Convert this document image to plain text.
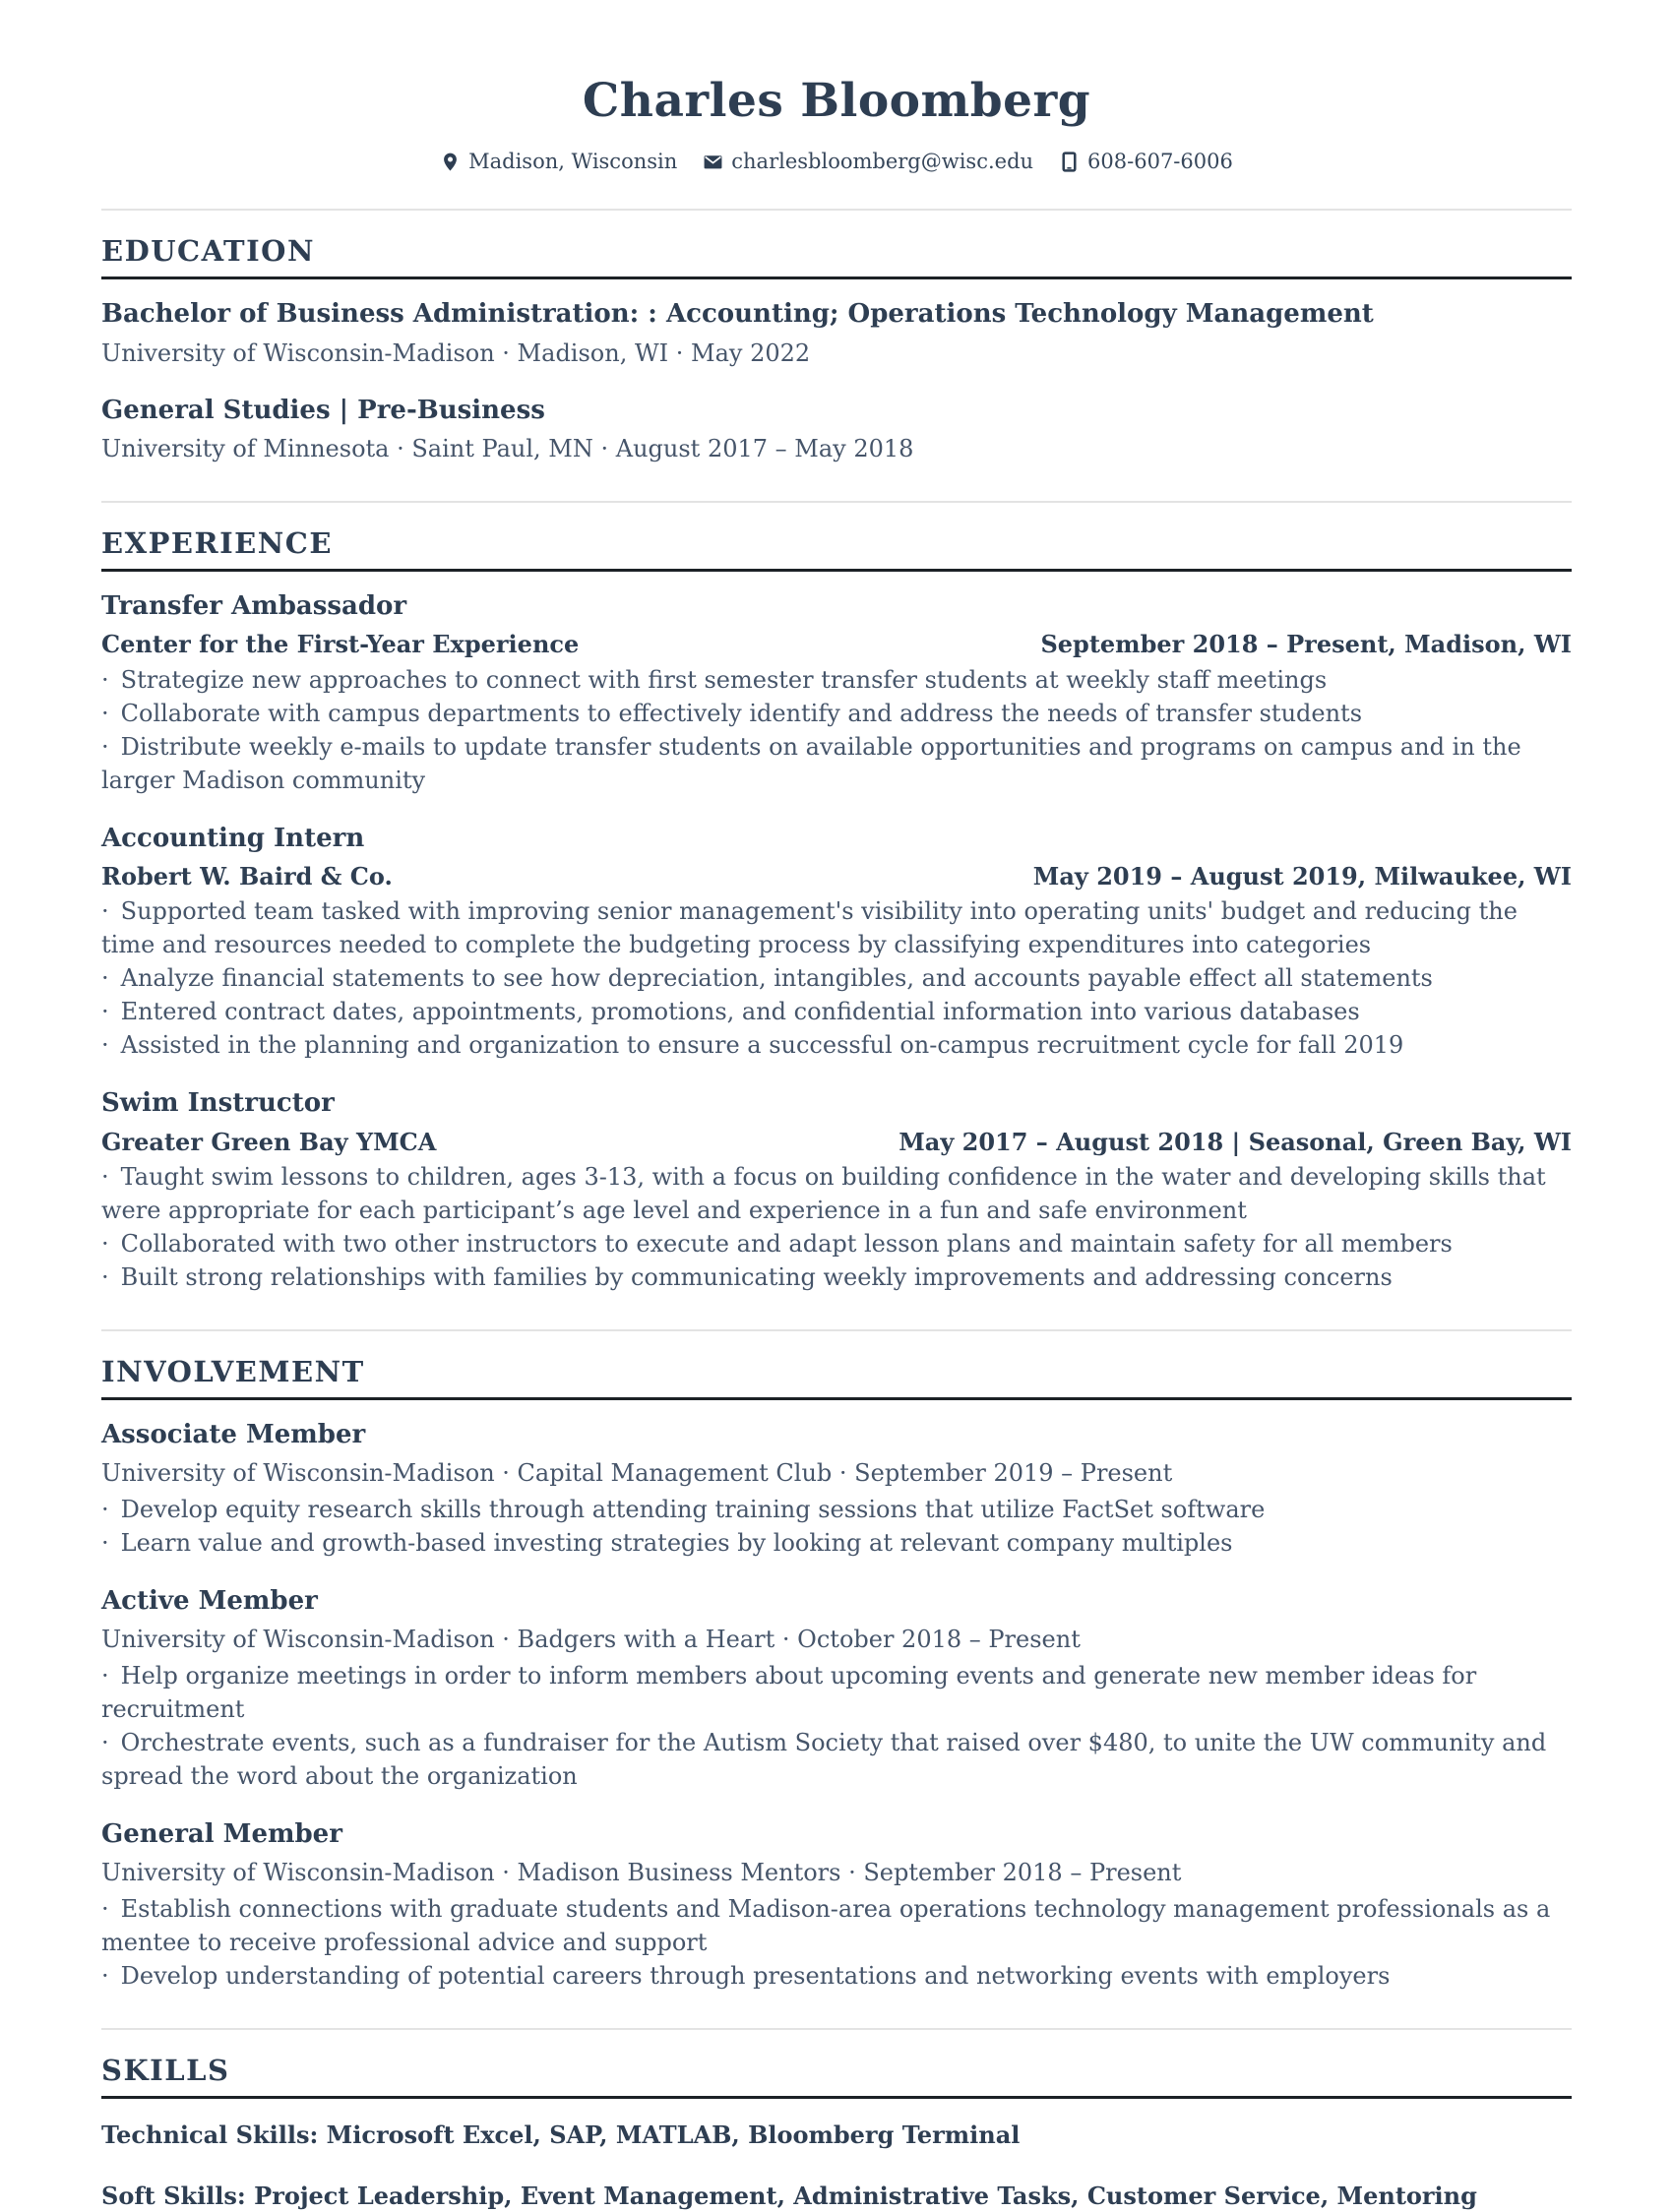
Charles Bloomberg
Madison, Wisconsin	charlesbloomberg@wisc.edu	608-607-6006
EDUCATION
Bachelor of Business Administration: : Accounting; Operations Technology Management
University of Wisconsin-Madison · Madison, WI · May 2022
General Studies | Pre-Business
University of Minnesota · Saint Paul, MN · August 2017 – May 2018
EXPERIENCE
Transfer Ambassador
Center for the First-Year Experience	September 2018 – Present, Madison, WI
· Strategize new approaches to connect with first semester transfer students at weekly staff meetings
· Collaborate with campus departments to effectively identify and address the needs of transfer students
· Distribute weekly e-mails to update transfer students on available opportunities and programs on campus and in the larger Madison community
Accounting Intern
Robert W. Baird & Co.	May 2019 – August 2019, Milwaukee, WI
· Supported team tasked with improving senior management's visibility into operating units' budget and reducing the time and resources needed to complete the budgeting process by classifying expenditures into categories
· Analyze financial statements to see how depreciation, intangibles, and accounts payable effect all statements
· Entered contract dates, appointments, promotions, and confidential information into various databases
· Assisted in the planning and organization to ensure a successful on-campus recruitment cycle for fall 2019
Swim Instructor
Greater Green Bay YMCA	May 2017 – August 2018 | Seasonal, Green Bay, WI
· Taught swim lessons to children, ages 3-13, with a focus on building confidence in the water and developing skills that were appropriate for each participant’s age level and experience in a fun and safe environment
· Collaborated with two other instructors to execute and adapt lesson plans and maintain safety for all members
· Built strong relationships with families by communicating weekly improvements and addressing concerns
INVOLVEMENT
Associate Member
University of Wisconsin-Madison · Capital Management Club · September 2019 – Present
· Develop equity research skills through attending training sessions that utilize FactSet software
· Learn value and growth-based investing strategies by looking at relevant company multiples
Active Member
University of Wisconsin-Madison · Badgers with a Heart · October 2018 – Present
· Help organize meetings in order to inform members about upcoming events and generate new member ideas for recruitment
· Orchestrate events, such as a fundraiser for the Autism Society that raised over $480, to unite the UW community and spread the word about the organization
General Member
University of Wisconsin-Madison · Madison Business Mentors · September 2018 – Present
· Establish connections with graduate students and Madison-area operations technology management professionals as a mentee to receive professional advice and support
· Develop understanding of potential careers through presentations and networking events with employers
SKILLS
Technical Skills: Microsoft Excel, SAP, MATLAB, Bloomberg Terminal
Soft Skills: Project Leadership, Event Management, Administrative Tasks, Customer Service, Mentoring
